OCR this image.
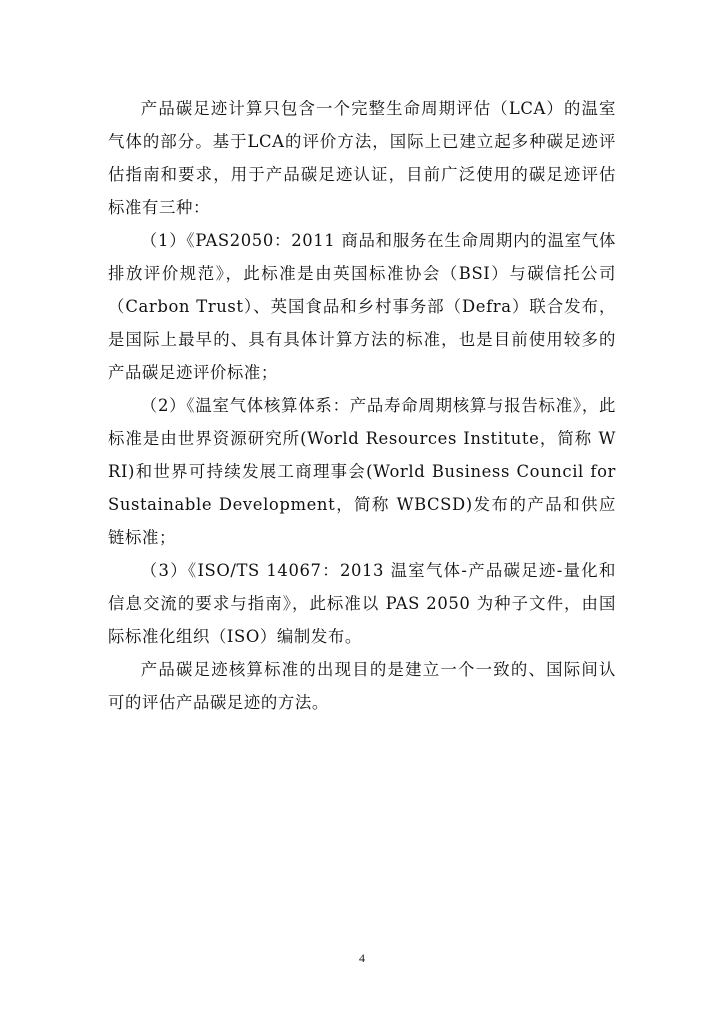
产品碳足迹计算只包含一个完整生命周期评估（LCA）的温室气体的部分。基于LCA的评价方法，国际上已建立起多种碳足迹评估指南和要求，用于产品碳足迹认证，目前广泛使用的碳足迹评估标准有三种：

（1）《PAS2050：2011 商品和服务在生命周期内的温室气体排放评价规范》，此标准是由英国标准协会（BSI）与碳信托公司（Carbon Trust）、英国食品和乡村事务部（Defra）联合发布，是国际上最早的、具有具体计算方法的标准，也是目前使用较多的产品碳足迹评价标准；

（2）《温室气体核算体系：产品寿命周期核算与报告标准》，此标准是由世界资源研究所(World Resources Institute，简称 WRI)和世界可持续发展工商理事会(World Business Council for Sustainable Development，简称 WBCSD)发布的产品和供应链标准；

（3）《ISO/TS 14067：2013 温室气体-产品碳足迹-量化和信息交流的要求与指南》，此标准以 PAS 2050 为种子文件，由国际标准化组织（ISO）编制发布。

产品碳足迹核算标准的出现目的是建立一个一致的、国际间认可的评估产品碳足迹的方法。

4
